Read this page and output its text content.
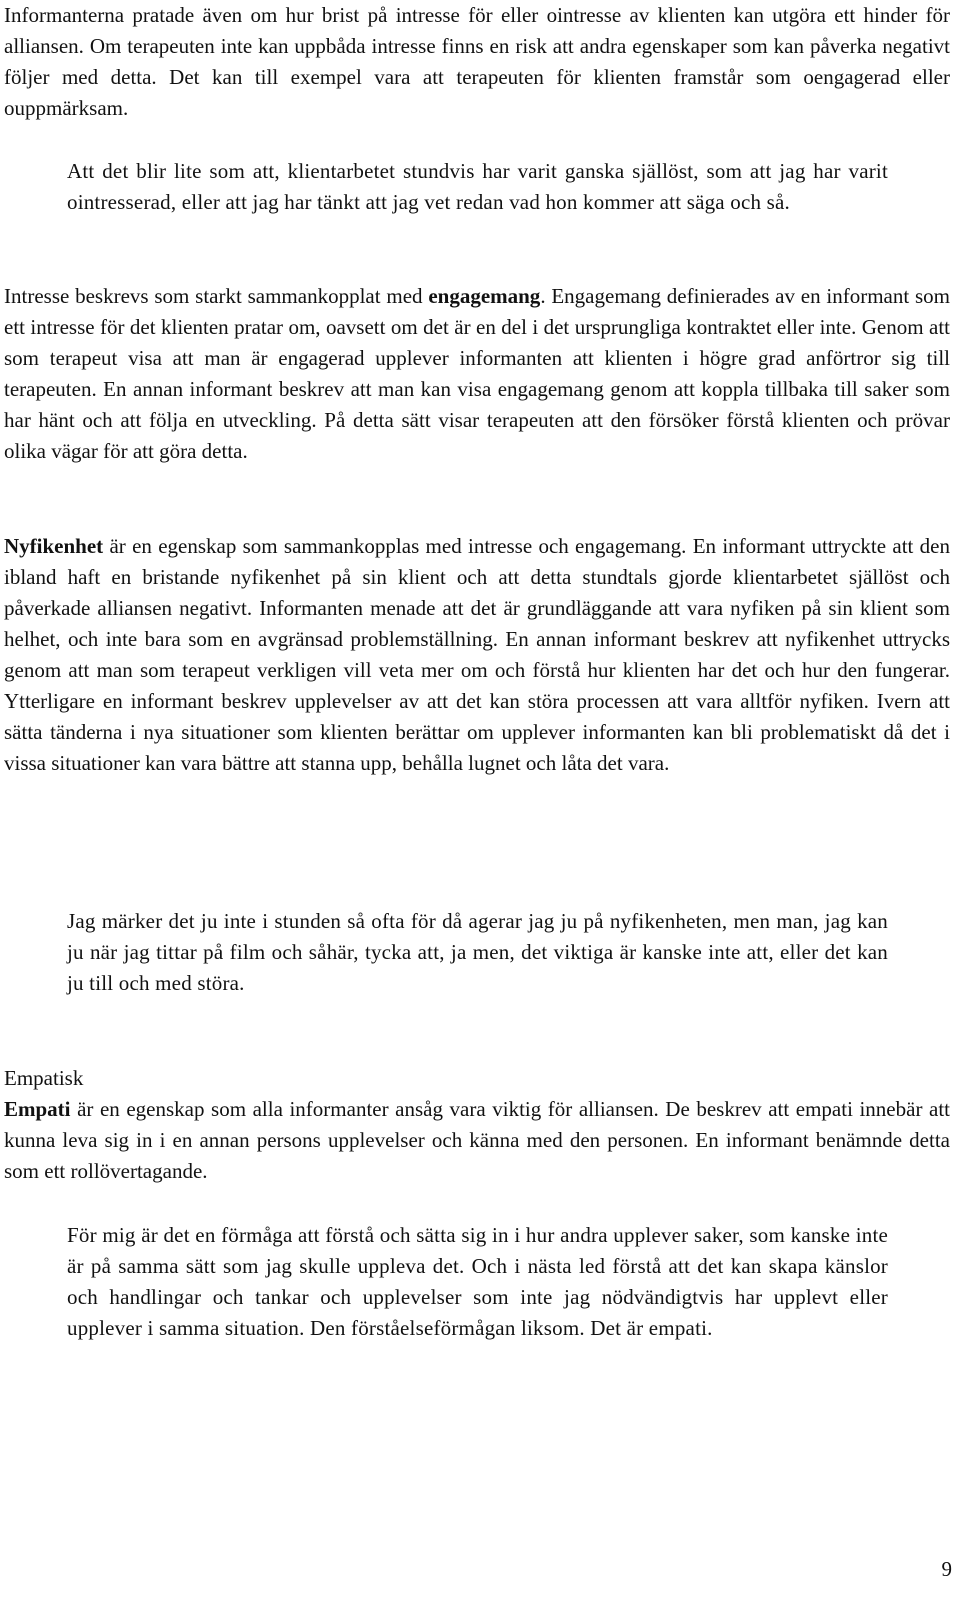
Informanterna pratade även om hur brist på intresse för eller ointresse av klienten kan utgöra ett hinder för alliansen. Om terapeuten inte kan uppbåda intresse finns en risk att andra egenskaper som kan påverka negativt följer med detta. Det kan till exempel vara att terapeuten för klienten framstår som oengagerad eller ouppmärksam.

Att det blir lite som att, klientarbetet stundvis har varit ganska själlöst, som att jag har varit ointresserad, eller att jag har tänkt att jag vet redan vad hon kommer att säga och så.

Intresse beskrevs som starkt sammankopplat med engagemang. Engagemang definierades av en informant som ett intresse för det klienten pratar om, oavsett om det är en del i det ursprungliga kontraktet eller inte. Genom att som terapeut visa att man är engagerad upplever informanten att klienten i högre grad anförtror sig till terapeuten. En annan informant beskrev att man kan visa engagemang genom att koppla tillbaka till saker som har hänt och att följa en utveckling. På detta sätt visar terapeuten att den försöker förstå klienten och prövar olika vägar för att göra detta.

Nyfikenhet är en egenskap som sammankopplas med intresse och engagemang. En informant uttryckte att den ibland haft en bristande nyfikenhet på sin klient och att detta stundtals gjorde klientarbetet själlöst och påverkade alliansen negativt. Informanten menade att det är grundläggande att vara nyfiken på sin klient som helhet, och inte bara som en avgränsad problemställning. En annan informant beskrev att nyfikenhet uttrycks genom att man som terapeut verkligen vill veta mer om och förstå hur klienten har det och hur den fungerar. Ytterligare en informant beskrev upplevelser av att det kan störa processen att vara alltför nyfiken. Ivern att sätta tänderna i nya situationer som klienten berättar om upplever informanten kan bli problematiskt då det i vissa situationer kan vara bättre att stanna upp, behålla lugnet och låta det vara.

Jag märker det ju inte i stunden så ofta för då agerar jag ju på nyfikenheten, men man, jag kan ju när jag tittar på film och såhär, tycka att, ja men, det viktiga är kanske inte att, eller det kan ju till och med störa.

Empatisk

Empati är en egenskap som alla informanter ansåg vara viktig för alliansen. De beskrev att empati innebär att kunna leva sig in i en annan persons upplevelser och känna med den personen. En informant benämnde detta som ett rollövertagande.

För mig är det en förmåga att förstå och sätta sig in i hur andra upplever saker, som kanske inte är på samma sätt som jag skulle uppleva det. Och i nästa led förstå att det kan skapa känslor och handlingar och tankar och upplevelser som inte jag nödvändigtvis har upplevt eller upplever i samma situation. Den förståelseförmågan liksom. Det är empati.

9
